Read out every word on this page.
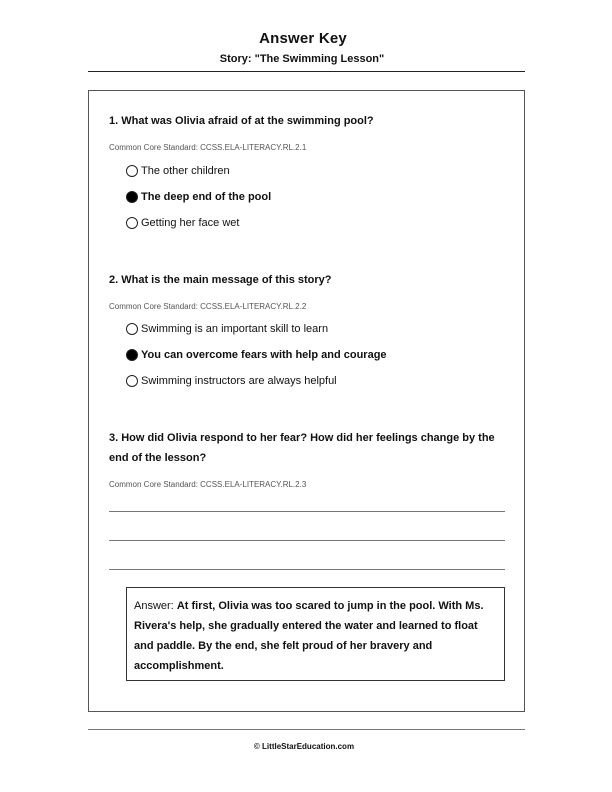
Answer Key
Story: "The Swimming Lesson"
1. What was Olivia afraid of at the swimming pool?
Common Core Standard: CCSS.ELA-LITERACY.RL.2.1
The other children
The deep end of the pool
Getting her face wet
2. What is the main message of this story?
Common Core Standard: CCSS.ELA-LITERACY.RL.2.2
Swimming is an important skill to learn
You can overcome fears with help and courage
Swimming instructors are always helpful
3. How did Olivia respond to her fear? How did her feelings change by the end of the lesson?
Common Core Standard: CCSS.ELA-LITERACY.RL.2.3
Answer: At first, Olivia was too scared to jump in the pool. With Ms. Rivera's help, she gradually entered the water and learned to float and paddle. By the end, she felt proud of her bravery and accomplishment.
© LittleStarEducation.com
